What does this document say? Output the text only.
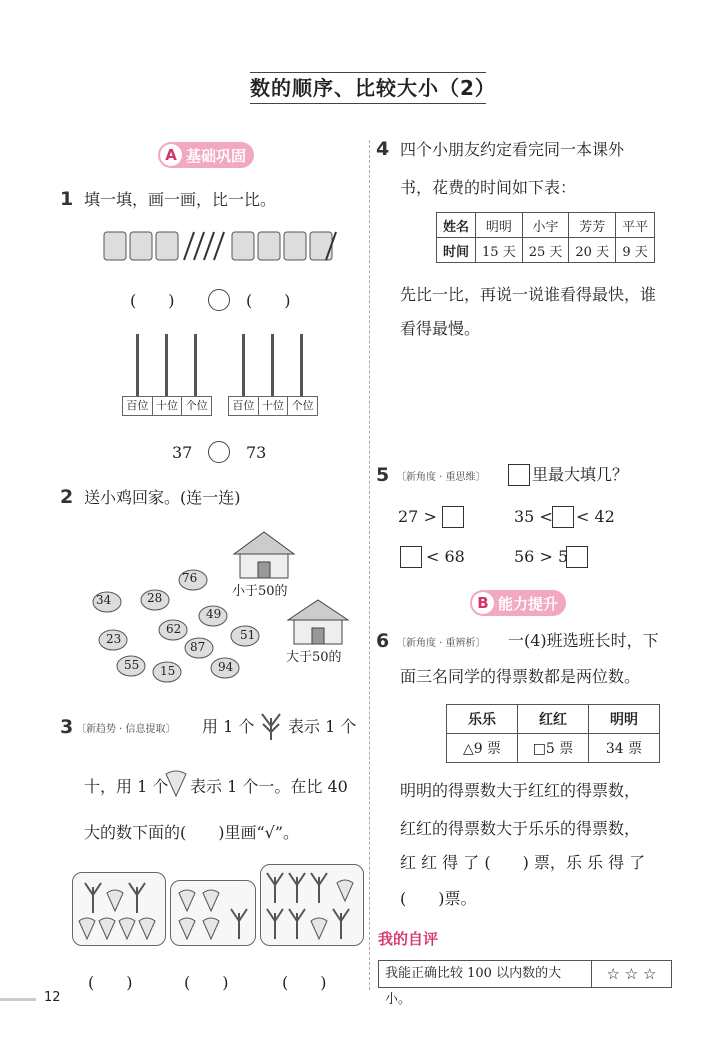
数的顺序、比较大小（2）
A 基础巩固
1 填一填，画一画，比一比。
(　　)	(　　)
百位 十位 个位	百位 十位 个位
37	73
2 送小鸡回家。(连一连)
小于50的
大于50的
34	28
76
49
62
23
87
51
55 15	94
3 〔新趋势 · 信息提取〕 用 1 个 表示 1 个
十，用 1 个 表示 1 个一。在比 40
大的数下面的(　　)里画“√”。
(　　)	(　　)	(　　)
12
4 四个小朋友约定看完同一本课外
书，花费的时间如下表：
姓名	明明	小宇	芳芳	平平
时间	15 天	25 天	20 天	9 天
先比一比，再说一说谁看得最快，谁
看得最慢。
5 〔新角度 · 重思维〕	里最大填几？
27 >	35 < < 42
< 68	56 > 5
B 能力提升
6 〔新角度 · 重辨析〕 一(4)班选班长时，下
面三名同学的得票数都是两位数。
乐乐	红红	明明
△9 票	□5 票	34 票
明明的得票数大于红红的得票数，
红红的得票数大于乐乐的得票数，
红 红 得 了 (　　) 票，乐 乐 得 了
(　　)票。
我的自评
我能正确比较 100 以内数的大小。
☆ ☆ ☆
